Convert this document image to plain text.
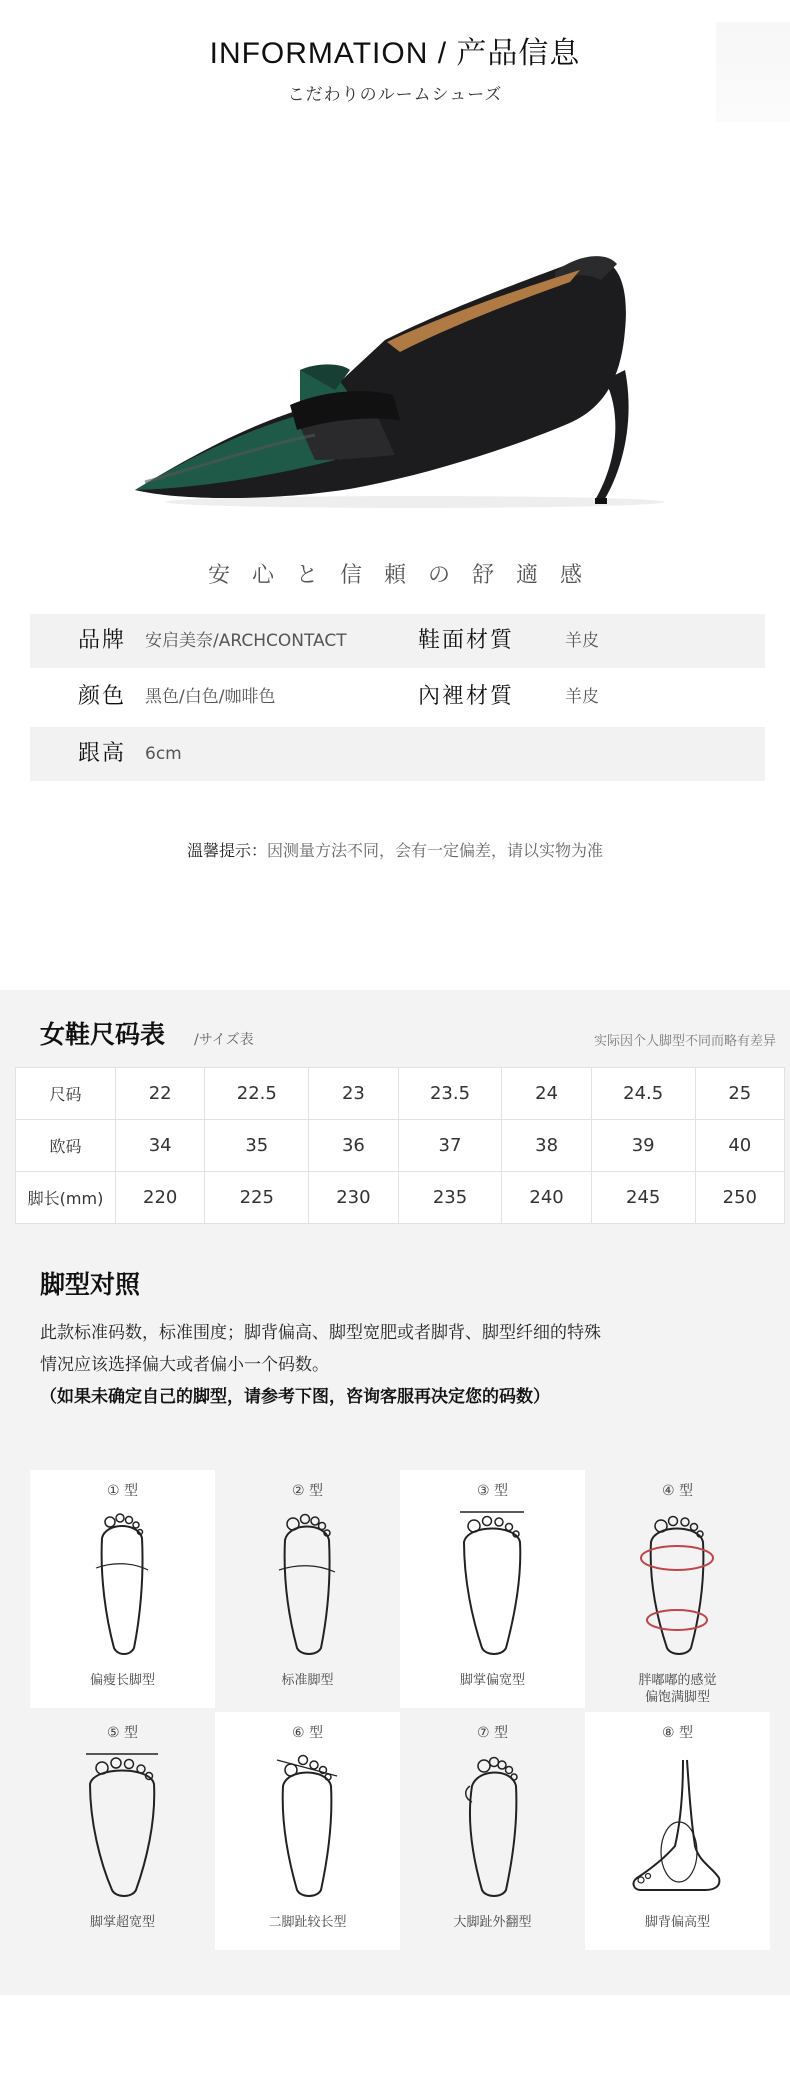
INFORMATION / 产品信息
こだわりのルームシューズ
安心と信頼の舒適感
品牌 安启美奈/ARCHCONTACT	鞋面材質	羊皮
颜色 黑色/白色/咖啡色	內裡材質	羊皮
跟高 6cm
溫馨提示：因测量方法不同，会有一定偏差，请以实物为准
女鞋尺码表 /サイズ表	实际因个人脚型不同而略有差异
尺码	22	22.5	23	23.5	24	24.5	25
欧码	34	35	36	37	38	39	40
脚长(mm)	220	225	230	235	240	245	250
脚型对照
此款标准码数，标准围度；脚背偏高、脚型宽肥或者脚背、脚型纤细的特殊
情况应该选择偏大或者偏小一个码数。
（如果未确定自己的脚型，请参考下图，咨询客服再决定您的码数）
① 型
偏瘦长脚型
② 型
标准脚型
③ 型
脚掌偏宽型
④ 型
胖嘟嘟的感觉
偏饱满脚型
⑤ 型
脚掌超宽型
⑥ 型
二脚趾较长型
⑦ 型
大脚趾外翻型
⑧ 型
脚背偏高型
